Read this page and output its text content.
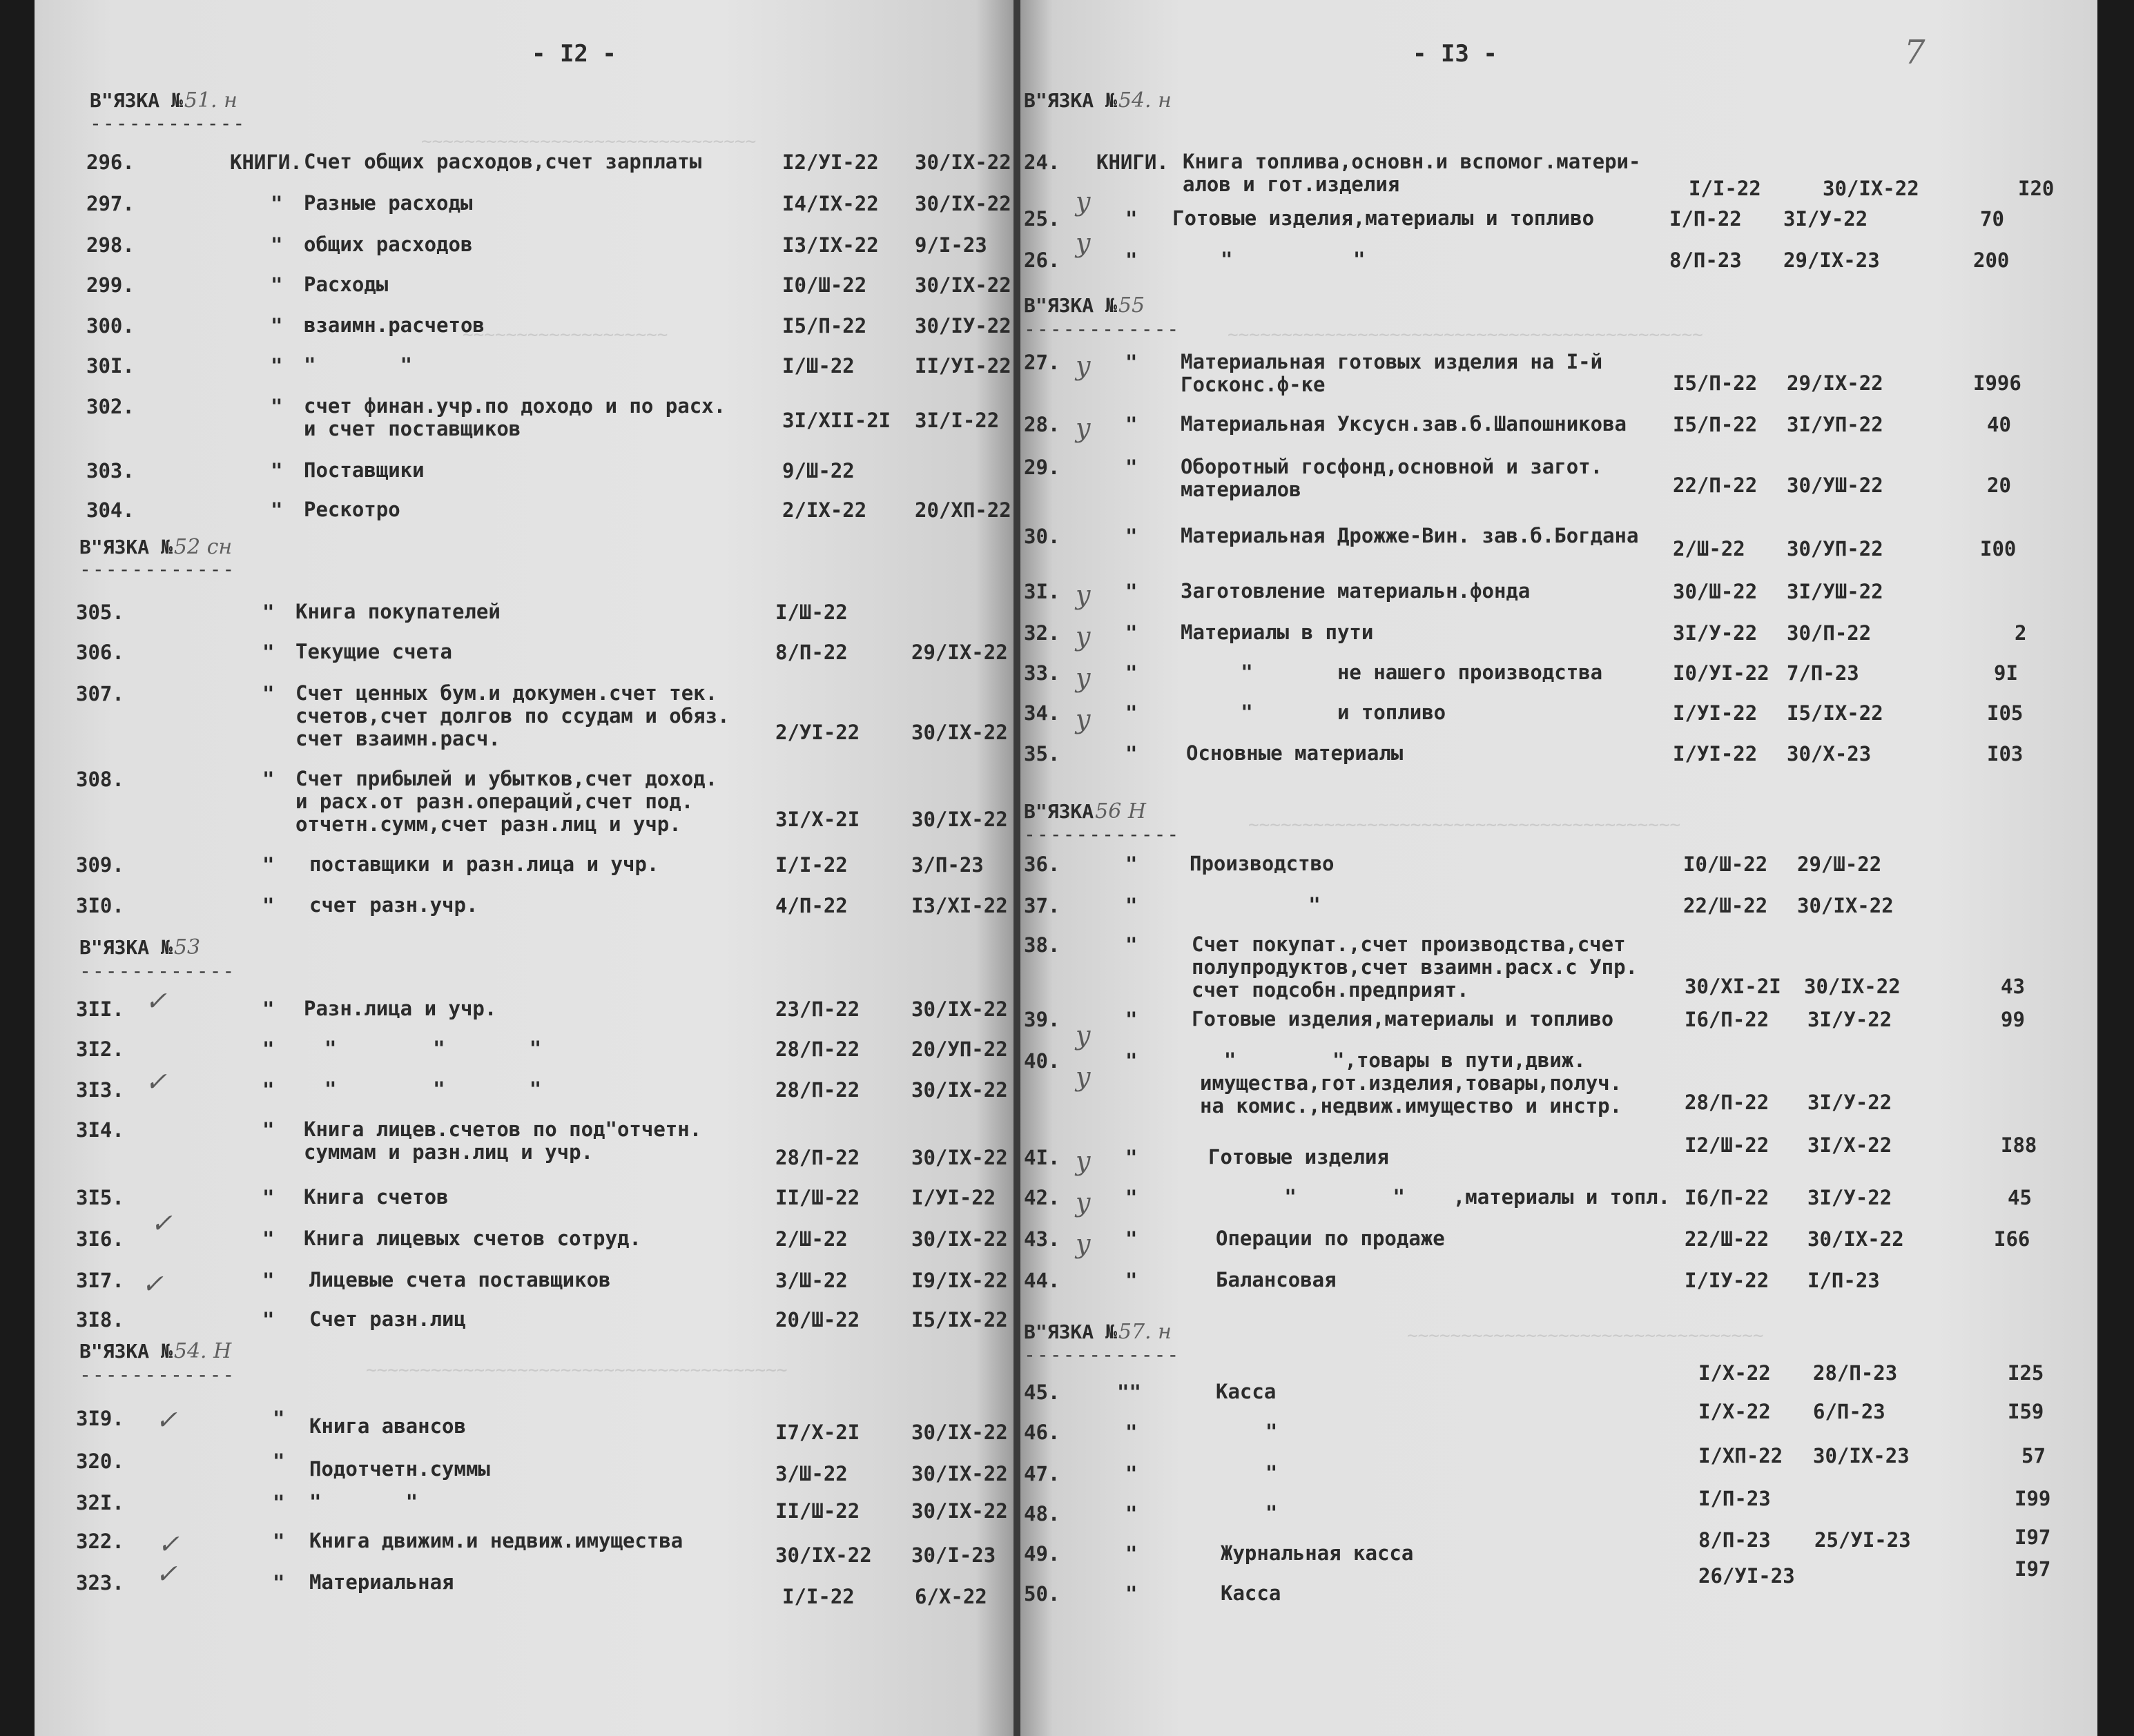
~~~~~~~~~~~~~~~~~~~~~~~~~~~~~~~
~~~~~~~~~~~~~~~~~~~
~~~~~~~~~~~~~~~~~~~~~~~~~~~~~~~~~~~~~~~
- I2 -
В"ЯЗКА №51. н
------------
В"ЯЗКА №52 сн
------------
В"ЯЗКА №53
------------
В"ЯЗКА №54. Н
------------
296.	КНИГИ. Счет общих расходов,счет зарплаты	I2/УI-22 30/IX-22
297.	" Разные расходы	I4/IX-22 30/IX-22
298.	" общих расходов	I3/IX-22 9/I-23
299.	" Расходы	I0/Ш-22 30/IX-22
300.	" взаимн.расчетов	I5/П-22 30/IУ-22
30I.	" "       "	I/Ш-22	II/УI-22
302.	" счет финан.учр.по доходо и по расх.
и счет поставщиков	3I/XII-2I 3I/I-22
303.	" Поставщики	9/Ш-22
304.	" Рескотро	2/IX-22 20/XП-22
305.	" Книга покупателей	I/Ш-22
306.	" Текущие счета	8/П-22	29/IX-22
307.	" Счет ценных бум.и докумен.счет тек.
счетов,счет долгов по ссудам и обяз.
счет взаимн.расч.	2/УI-22	30/IX-22
308.	" Счет прибылей и убытков,счет доход.
и расх.от разн.операций,счет под.
отчетн.сумм,счет разн.лиц и учр.	3I/X-2I	30/IX-22
309.	" поставщики и разн.лица и учр.	I/I-22	3/П-23
3I0.	" счет разн.учр.	4/П-22	I3/XI-22
3II.	" Разн.лица и учр.	23/П-22	30/IX-22
3I2.	"	"        "       "	28/П-22	20/УП-22
3I3.	"	"        "       "	28/П-22	30/IX-22
3I4.	" Книга лицев.счетов по под"отчетн.
суммам и разн.лиц и учр.	28/П-22	30/IX-22
3I5.	" Книга счетов	II/Ш-22	I/УI-22
3I6.	" Книга лицевых счетов сотруд.	2/Ш-22	30/IX-22
3I7.	" Лицевые счета поставщиков	3/Ш-22	I9/IX-22
3I8.	" Счет разн.лиц	20/Ш-22	I5/IX-22
3I9.	" Книга авансов	I7/X-2I	30/IX-22
320.	" Подотчетн.суммы	3/Ш-22	30/IX-22
32I.	" "       "	II/Ш-22	30/IX-22
322.	" Книга движим.и недвиж.имущества
30/IX-22 30/I-23
323.	" Материальная
I/I-22	6/X-22
✓
✓
✓
✓
✓
✓
✓
~~~~~~~~~~~~~~~~~~~~~~~~~~~~~~~~~~~~~~~~~~~~
~~~~~~~~~~~~~~~~~~~~~~~~~~~~~~~~~~~~~~~~
~~~~~~~~~~~~~~~~~~~~~~~~~~~~~~~~~
- I3 -	7
В"ЯЗКА №54. н
В"ЯЗКА №55
------------
В"ЯЗКА56 Н
------------
В"ЯЗКА №57. н
------------
24. КНИГИ. Книга топлива,основн.и вспомог.матери-
алов и гот.изделия	I/I-22	30/IX-22	I20
25.	" Готовые изделия,материалы и топливо	I/П-22 3I/У-22	70
26.	"	"          "	8/П-23 29/IX-23	200
27.	" Материальная готовых изделия на I-й
Госконс.ф-ке	I5/П-22 29/IX-22	I996
28.	" Материальная Уксусн.зав.б.Шапошникова I5/П-22 3I/УП-22	40
29.	" Оборотный госфонд,основной и загот.
материалов	22/П-22 30/УШ-22	20
30.	" Материальная Дрожже-Вин. зав.б.Богдана
2/Ш-22 30/УП-22	I00
3I.	" Заготовление материальн.фонда	30/Ш-22 3I/УШ-22
32.	" Материалы в пути	3I/У-22 30/П-22	2
33.	" "       не нашего производства	I0/УI-22 7/П-23	9I
34.	" "       и топливо	I/УI-22 I5/IX-22	I05
35.	" Основные материалы	I/УI-22 30/X-23	I03
36.	"	Производство	I0/Ш-22 29/Ш-22
37.	"	"	22/Ш-22 30/IX-22
38.	"	Счет покупат.,счет производства,счет
полупродуктов,счет взаимн.расх.с Упр.
счет подсобн.предприят.	30/XI-2I 30/IX-22	43
39.	"	Готовые изделия,материалы и топливо	I6/П-22 3I/У-22	99
40.	"	"        ",товары в пути,движ.
имущества,гот.изделия,товары,получ.
на комис.,недвиж.имущество и инстр.	28/П-22 3I/У-22
4I.	"	Готовые изделия	I2/Ш-22 3I/X-22	I88
42.	"	"        "    ,материалы и топл. I6/П-22 3I/У-22	45
43.	"	Операции по продаже	22/Ш-22 30/IX-22	I66
44.	"	Балансовая	I/IУ-22 I/П-23
45.	""	Касса
I/X-22 28/П-23	I25
46.	"	"
I/X-22 6/П-23	I59
47.	"	"
I/XП-22 30/IX-23	57
48.	"	"
I/П-23	I99
49.	"	Журнальная касса
8/П-23 25/УI-23	I97
50.	"	Касса
26/УI-23	I97
y
y
y
y
y
y
y
y
y
y
y
y
y
